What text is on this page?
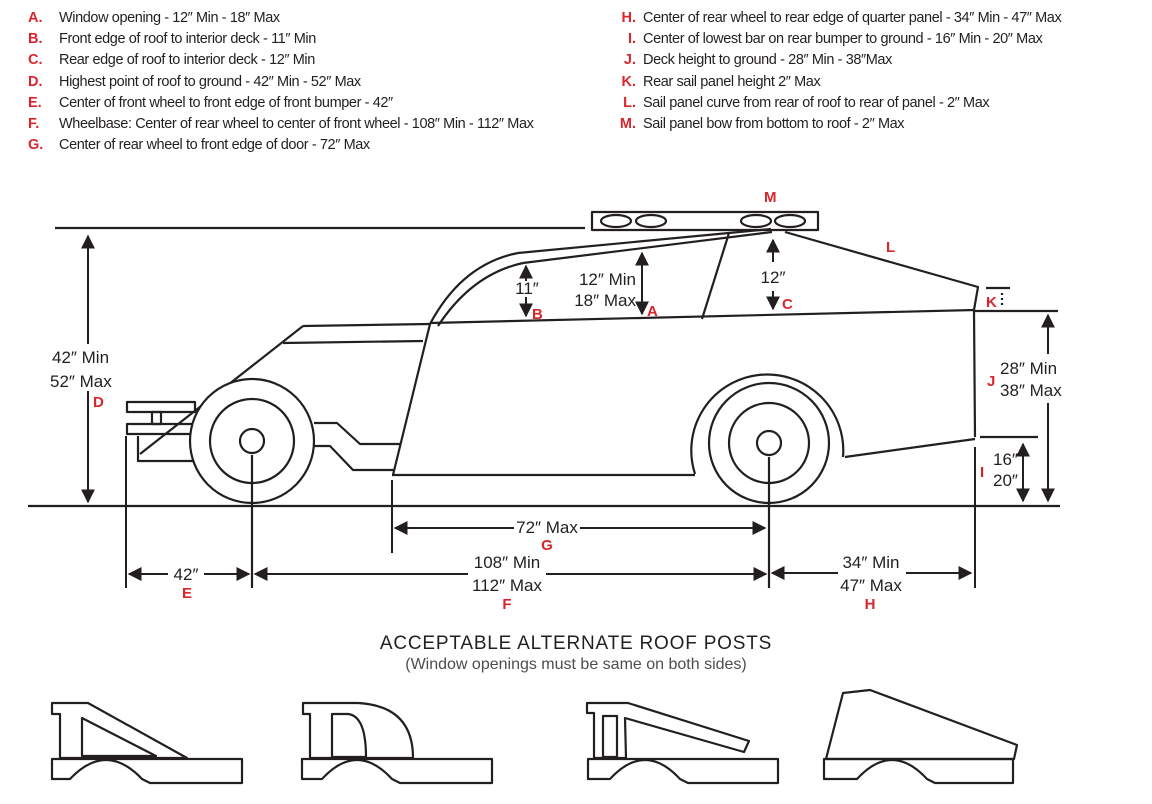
A.	Window opening - 12″ Min - 18″ Max
B.	Front edge of roof to interior deck - 11″ Min
C.	Rear edge of roof to interior deck - 12″ Min
D.	Highest point of roof to ground - 42″ Min - 52″ Max
E.	Center of front wheel to front edge of front bumper - 42″
F.	Wheelbase: Center of rear wheel to center of front wheel - 108″ Min - 112″ Max
G.	Center of rear wheel to front edge of door - 72″ Max
H. Center of rear wheel to rear edge of quarter panel - 34″ Min - 47″ Max
I. Center of lowest bar on rear bumper to ground - 16″ Min - 20″ Max
J. Deck height to ground - 28″ Min - 38″Max
K. Rear sail panel height 2″ Max
L. Sail panel curve from rear of roof to rear of panel - 2″ Max
M. Sail panel bow from bottom to roof - 2″ Max
42″ Min
52″ Max
D
11″
B
12″ Min
18″ Max
A
12″
C
M
L
K
28″ Min
38″ Max
J
16″
20″
I
42″
E
108″ Min
112″ Max
F
72″ Max
G
34″ Min
47″ Max
H
ACCEPTABLE ALTERNATE ROOF POSTS
(Window openings must be same on both sides)
